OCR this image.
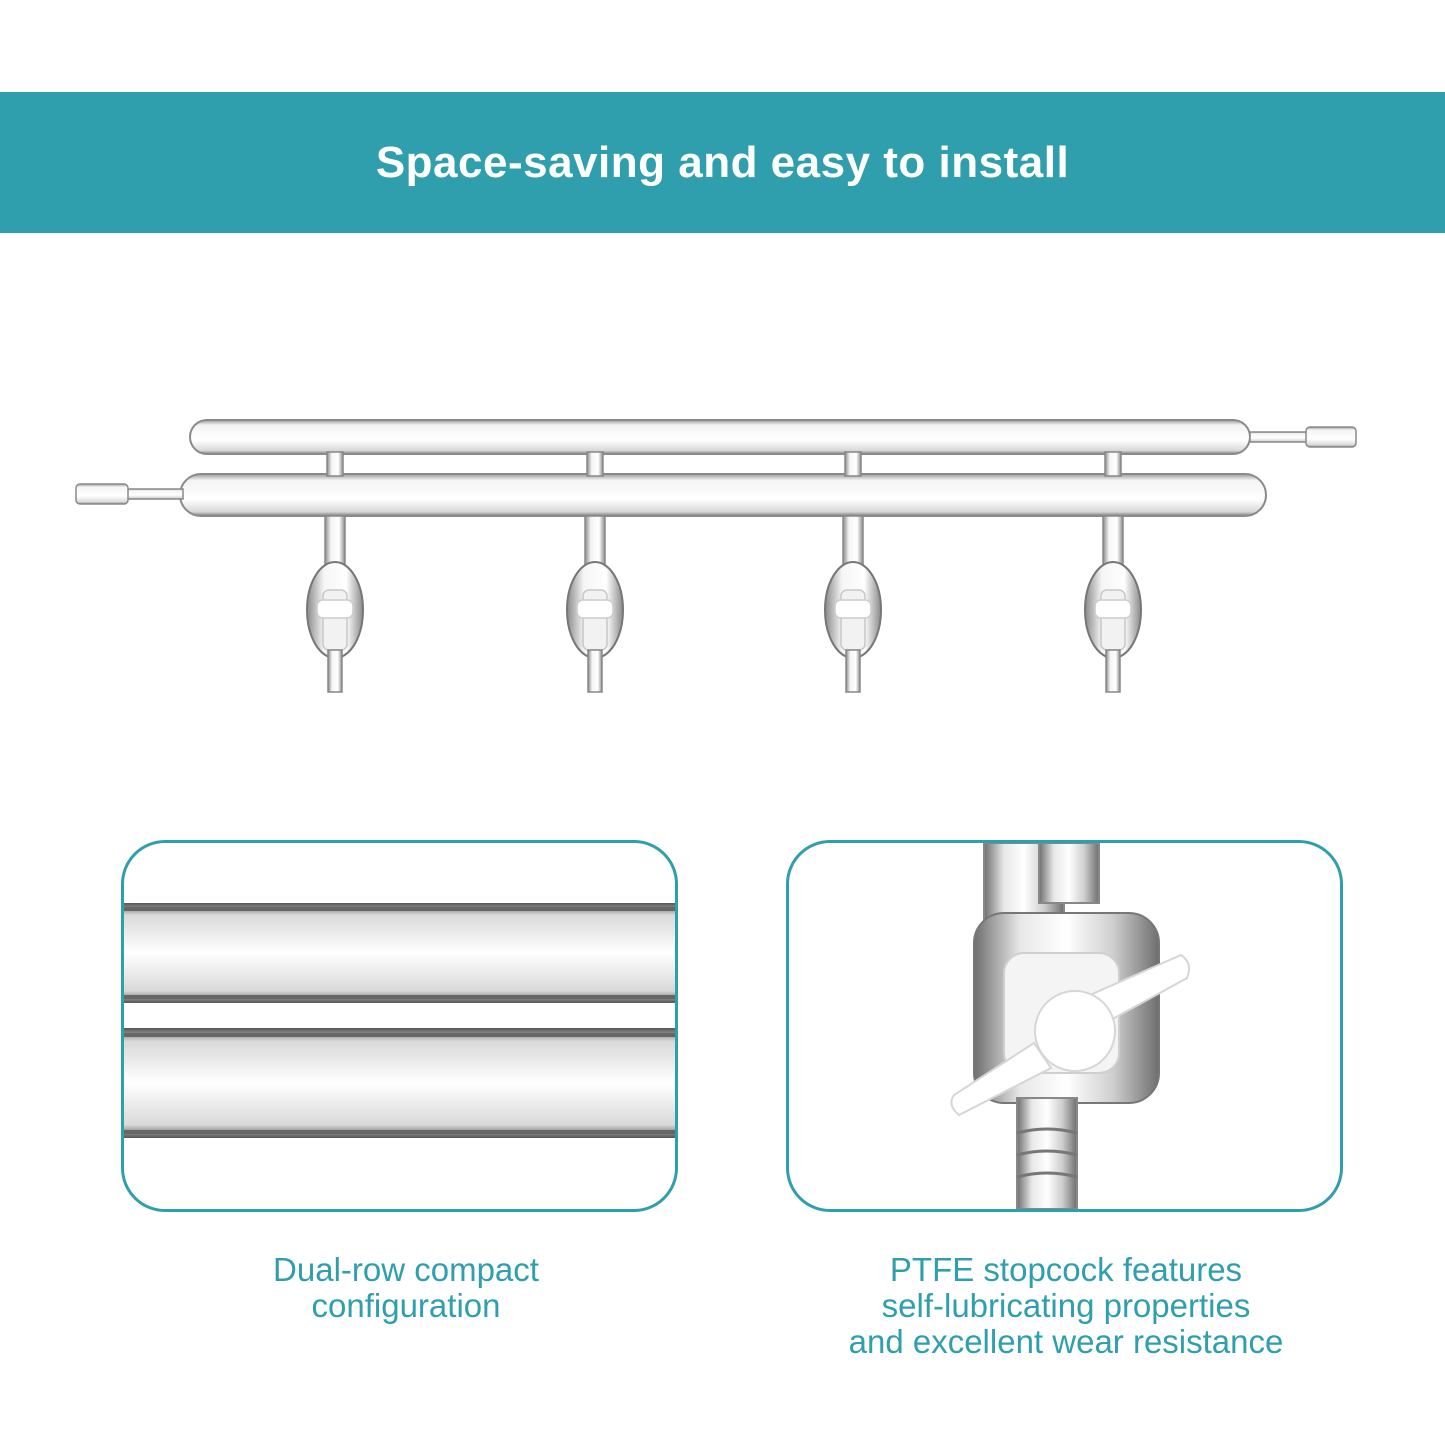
Space-saving and easy to install
Dual-row compact
configuration
PTFE stopcock features
self-lubricating properties
and excellent wear resistance
